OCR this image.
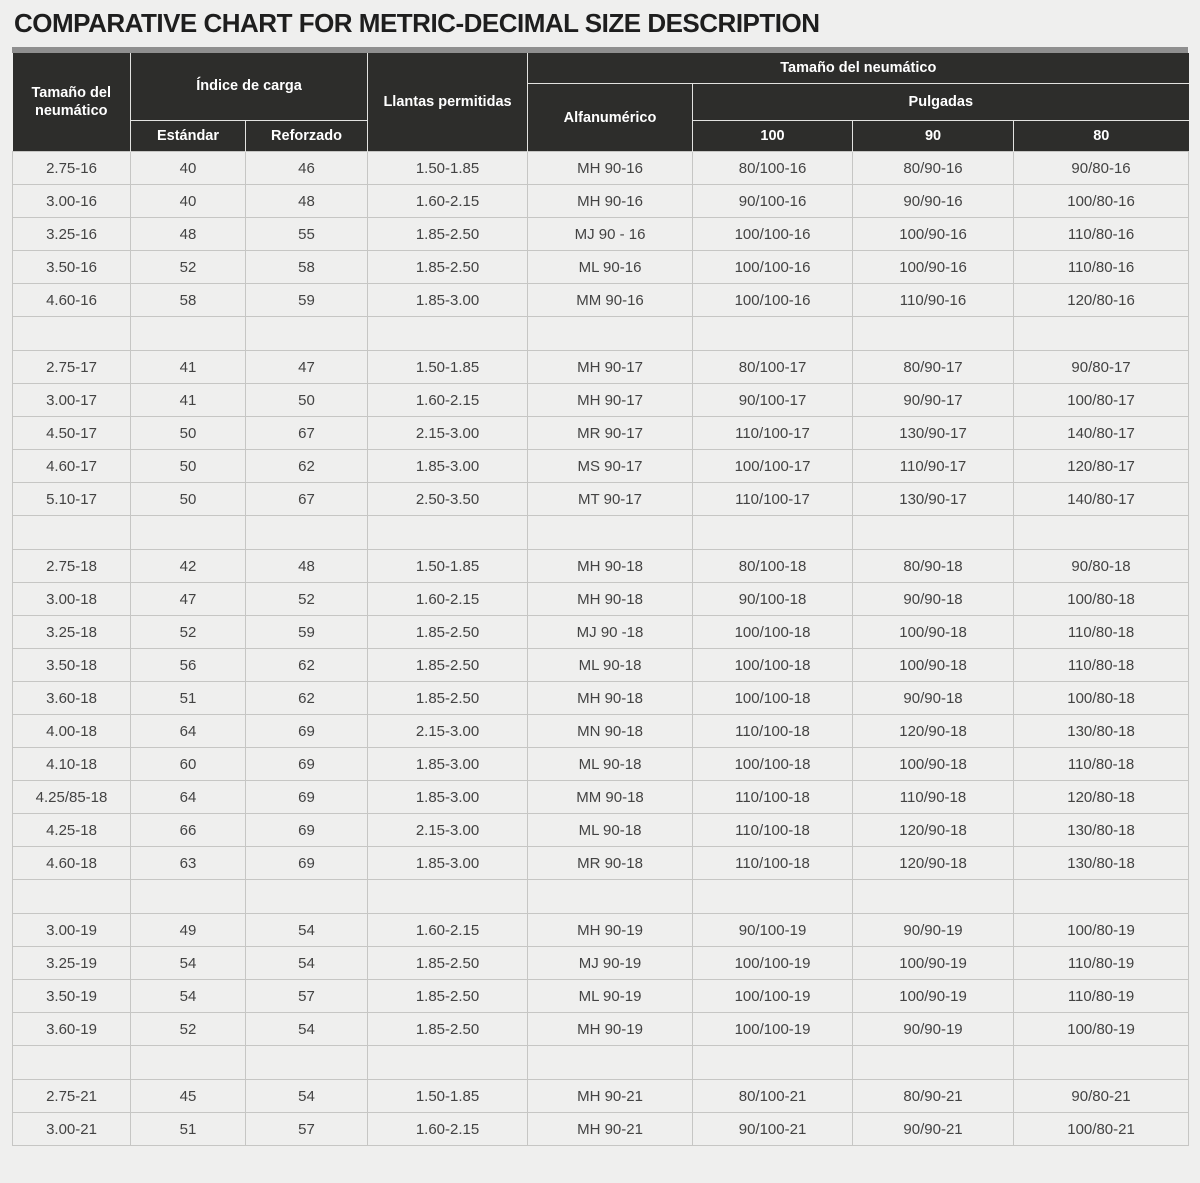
COMPARATIVE CHART FOR METRIC-DECIMAL SIZE DESCRIPTION
Tamaño del neumático	Índice de carga		Llantas permitidas	Tamaño del neumático			
				Alfanumérico	Pulgadas		
	Estándar	Reforzado			100	90	80
2.75-16	40	46	1.50-1.85	MH 90-16	80/100-16	80/90-16	90/80-16
3.00-16	40	48	1.60-2.15	MH 90-16	90/100-16	90/90-16	100/80-16
3.25-16	48	55	1.85-2.50	MJ 90 - 16	100/100-16	100/90-16	110/80-16
3.50-16	52	58	1.85-2.50	ML 90-16	100/100-16	100/90-16	110/80-16
4.60-16	58	59	1.85-3.00	MM 90-16	100/100-16	110/90-16	120/80-16

2.75-17	41	47	1.50-1.85	MH 90-17	80/100-17	80/90-17	90/80-17
3.00-17	41	50	1.60-2.15	MH 90-17	90/100-17	90/90-17	100/80-17
4.50-17	50	67	2.15-3.00	MR 90-17	110/100-17	130/90-17	140/80-17
4.60-17	50	62	1.85-3.00	MS 90-17	100/100-17	110/90-17	120/80-17
5.10-17	50	67	2.50-3.50	MT 90-17	110/100-17	130/90-17	140/80-17

2.75-18	42	48	1.50-1.85	MH 90-18	80/100-18	80/90-18	90/80-18
3.00-18	47	52	1.60-2.15	MH 90-18	90/100-18	90/90-18	100/80-18
3.25-18	52	59	1.85-2.50	MJ 90 -18	100/100-18	100/90-18	110/80-18
3.50-18	56	62	1.85-2.50	ML 90-18	100/100-18	100/90-18	110/80-18
3.60-18	51	62	1.85-2.50	MH 90-18	100/100-18	90/90-18	100/80-18
4.00-18	64	69	2.15-3.00	MN 90-18	110/100-18	120/90-18	130/80-18
4.10-18	60	69	1.85-3.00	ML 90-18	100/100-18	100/90-18	110/80-18
4.25/85-18	64	69	1.85-3.00	MM 90-18	110/100-18	110/90-18	120/80-18
4.25-18	66	69	2.15-3.00	ML 90-18	110/100-18	120/90-18	130/80-18
4.60-18	63	69	1.85-3.00	MR 90-18	110/100-18	120/90-18	130/80-18

3.00-19	49	54	1.60-2.15	MH 90-19	90/100-19	90/90-19	100/80-19
3.25-19	54	54	1.85-2.50	MJ 90-19	100/100-19	100/90-19	110/80-19
3.50-19	54	57	1.85-2.50	ML 90-19	100/100-19	100/90-19	110/80-19
3.60-19	52	54	1.85-2.50	MH 90-19	100/100-19	90/90-19	100/80-19

2.75-21	45	54	1.50-1.85	MH 90-21	80/100-21	80/90-21	90/80-21
3.00-21	51	57	1.60-2.15	MH 90-21	90/100-21	90/90-21	100/80-21
